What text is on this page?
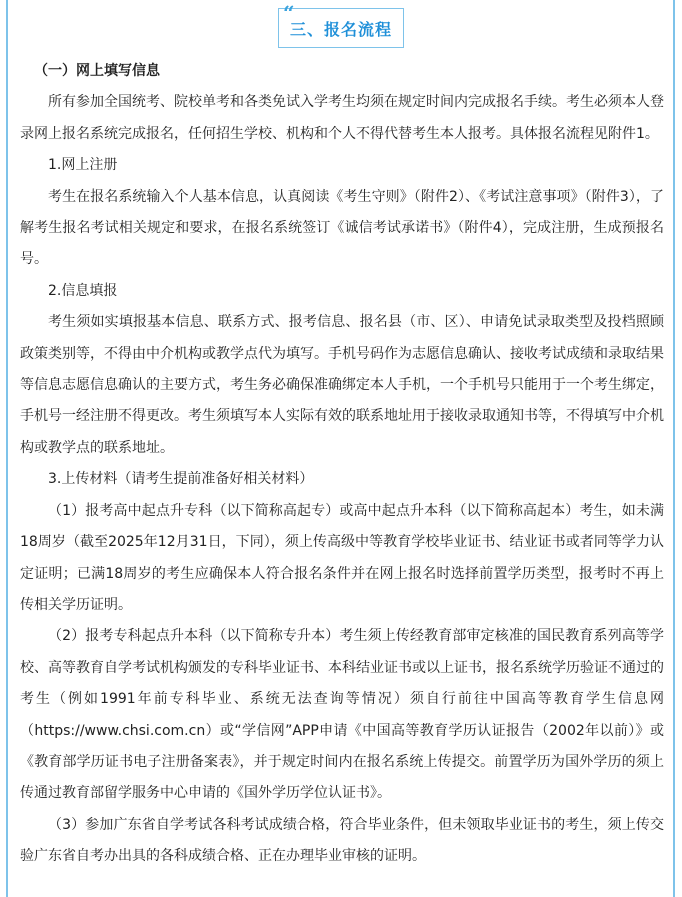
“
三、报名流程

（一）网上填写信息

所有参加全国统考、院校单考和各类免试入学考生均须在规定时间内完成报名手续。考生必须本人登录网上报名系统完成报名，任何招生学校、机构和个人不得代替考生本人报考。具体报名流程见附件1。

1.网上注册

考生在报名系统输入个人基本信息，认真阅读《考生守则》（附件2）、《考试注意事项》（附件3），了解考生报名考试相关规定和要求，在报名系统签订《诚信考试承诺书》（附件4），完成注册，生成预报名号。

2.信息填报

考生须如实填报基本信息、联系方式、报考信息、报名县（市、区）、申请免试录取类型及投档照顾政策类别等，不得由中介机构或教学点代为填写。手机号码作为志愿信息确认、接收考试成绩和录取结果等信息志愿信息确认的主要方式，考生务必确保准确绑定本人手机，一个手机号只能用于一个考生绑定，手机号一经注册不得更改。考生须填写本人实际有效的联系地址用于接收录取通知书等，不得填写中介机构或教学点的联系地址。

3.上传材料（请考生提前准备好相关材料）

（1）报考高中起点升专科（以下简称高起专）或高中起点升本科（以下简称高起本）考生，如未满18周岁（截至2025年12月31日，下同），须上传高级中等教育学校毕业证书、结业证书或者同等学力认定证明；已满18周岁的考生应确保本人符合报名条件并在网上报名时选择前置学历类型，报考时不再上传相关学历证明。

（2）报考专科起点升本科（以下简称专升本）考生须上传经教育部审定核准的国民教育系列高等学校、高等教育自学考试机构颁发的专科毕业证书、本科结业证书或以上证书，报名系统学历验证不通过的考生（例如1991年前专科毕业、系统无法查询等情况）须自行前往中国高等教育学生信息网（https://www.chsi.com.cn）或“学信网”APP申请《中国高等教育学历认证报告（2002年以前）》或《教育部学历证书电子注册备案表》，并于规定时间内在报名系统上传提交。前置学历为国外学历的须上传通过教育部留学服务中心申请的《国外学历学位认证书》。

（3）参加广东省自学考试各科考试成绩合格，符合毕业条件，但未领取毕业证书的考生，须上传交验广东省自考办出具的各科成绩合格、正在办理毕业审核的证明。
